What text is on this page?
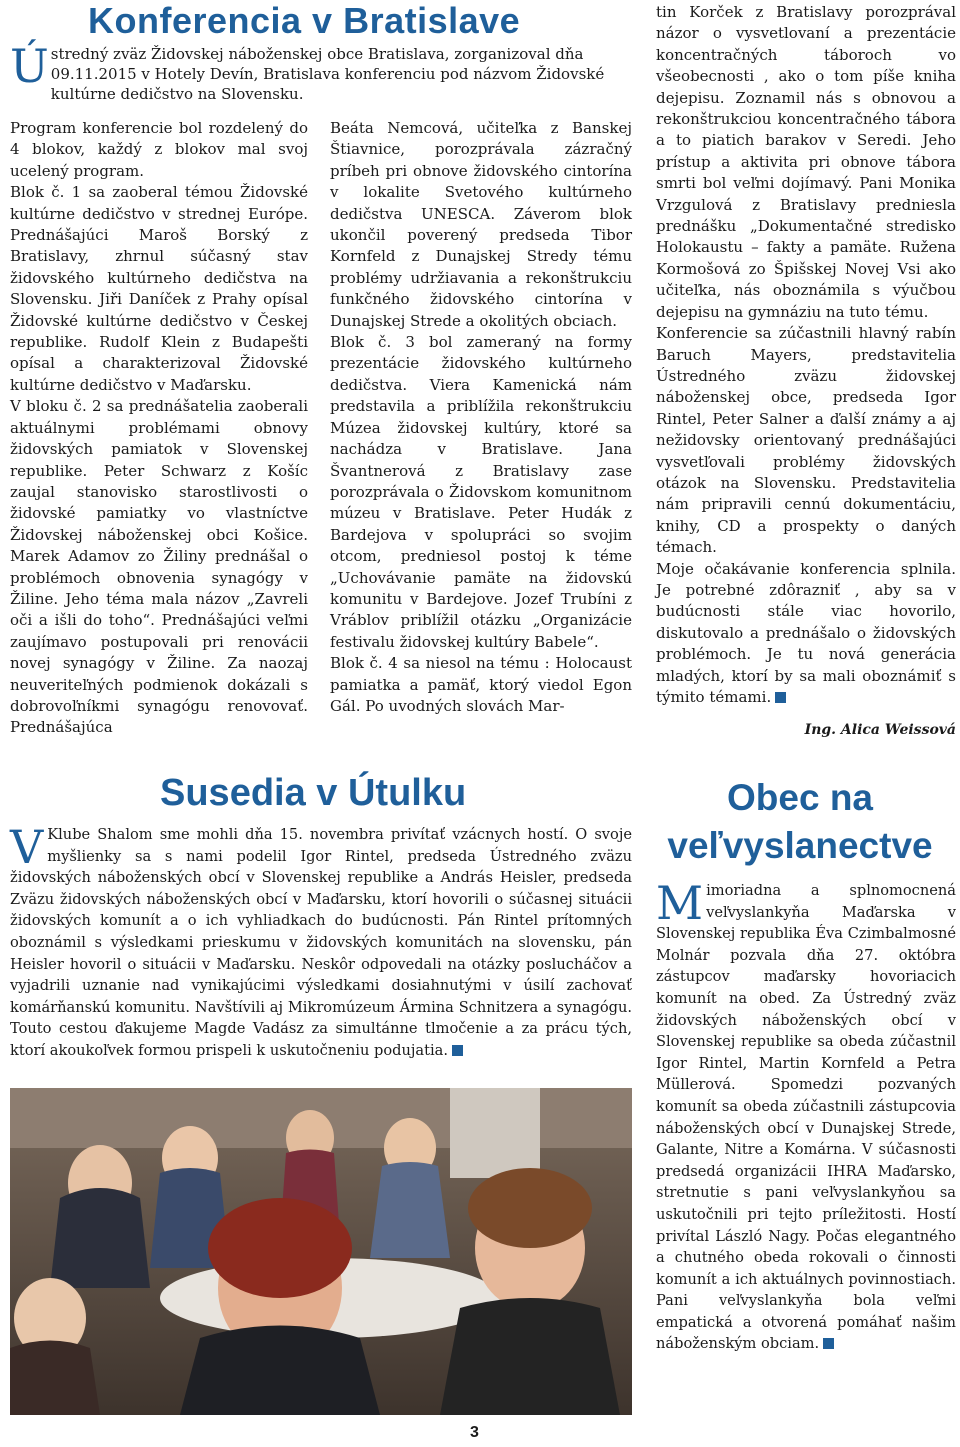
Konferencia v Bratislave
Ú stredný zväz Židovskej náboženskej obce Bratislava, zorganizoval dňa 09.11.2015 v Hotely Devín, Bratislava konferenciu pod názvom Židovské kultúrne dedičstvo na Slovensku.

Program konferencie bol rozdelený do 4 blokov, každý z blokov mal svoj ucelený program.

Blok č. 1 sa zaoberal témou Židovské kultúrne dedičstvo v strednej Európe. Prednášajúci Maroš Borský z Bratislavy, zhrnul súčasný stav židovského kultúrneho dedičstva na Slovensku. Jiři Daníček z Prahy opísal Židovské kultúrne dedičstvo v Českej republike. Rudolf Klein z Budapešti opísal a charakterizoval Židovské kultúrne dedičstvo v Maďarsku.

V bloku č. 2 sa prednášatelia zaoberali aktuálnymi problémami obnovy židovských pamiatok v Slovenskej republike. Peter Schwarz z Košíc zaujal stanovisko starostlivosti o židovské pamiatky vo vlastníctve Židovskej náboženskej obci Košice. Marek Adamov zo Žiliny prednášal o problémoch obnovenia synagógy v Žiline. Jeho téma mala názov „Zavreli oči a išli do toho“. Prednášajúci veľmi zaujímavo postupovali pri renovácii novej synagógy v Žiline. Za naozaj neuveriteľných podmienok dokázali s dobrovoľníkmi synagógu renovovať. Prednášajúca

Beáta Nemcová, učiteľka z Banskej Štiavnice, porozprávala zázračný príbeh pri obnove židovského cintorína v lokalite Svetového kultúrneho dedičstva UNESCA. Záverom blok ukončil poverený predseda Tibor Kornfeld z Dunajskej Stredy tému problémy udržiavania a rekonštrukciu funkčného židovského cintorína v Dunajskej Strede a okolitých obciach.

Blok č. 3 bol zameraný na formy prezentácie židovského kultúrneho dedičstva. Viera Kamenická nám predstavila a priblížila rekonštrukciu Múzea židovskej kultúry, ktoré sa nachádza v Bratislave. Jana Švantnerová z Bratislavy zase porozprávala o Židovskom komunitnom múzeu v Bratislave. Peter Hudák z Bardejova v spolupráci so svojim otcom, predniesol postoj k téme „Uchovávanie pamäte na židovskú komunitu v Bardejove. Jozef Trubíni z Vráblov priblížil otázku „Organizácie festivalu židovskej kultúry Babele“.

Blok č. 4 sa niesol na tému : Holocaust pamiatka a pamäť, ktorý viedol Egon Gál. Po uvodných slovách Mar-

tin Korček z Bratislavy porozprával názor o vysvetlovaní a prezentácie koncentračných táboroch vo všeobecnosti , ako o tom píše kniha dejepisu. Zoznamil nás s obnovou a rekonštrukciou koncentračného tábora a to piatich barakov v Seredi. Jeho prístup a aktivita pri obnove tábora smrti bol veľmi dojímavý. Pani Monika Vrzgulová z Bratislavy predniesla prednášku „Dokumentačné stredisko Holokaustu – fakty a pamäte. Ružena Kormošová zo Špišskej Novej Vsi ako učiteľka, nás oboznámila s výučbou dejepisu na gymnáziu na tuto tému.

Konferencie sa zúčastnili hlavný rabín Baruch Mayers, predstavitelia Ústredného zväzu židovskej náboženskej obce, predseda Igor Rintel, Peter Salner a ďalší známy a aj nežidovsky orientovaný prednášajúci vysvetľovali problémy židovských otázok na Slovensku. Predstavitelia nám pripravili cennú dokumentáciu, knihy, CD a prospekty o daných témach.

Moje očakávanie konferencia splnila. Je potrebné zdôrazniť , aby sa v budúcnosti stále viac hovorilo, diskutovalo a prednášalo o židovských problémoch. Je tu nová generácia mladých, ktorí by sa mali oboznámiť s týmito témami.

Ing. Alica Weissová
Susedia v Útulku
V Klube Shalom sme mohli dňa 15. novembra privítať vzácnych hostí. O svoje myšlienky sa s nami podelil Igor Rintel, predseda Ústredného zväzu židovských náboženských obcí v Slovenskej republike a András Heisler, predseda Zväzu židovských náboženských obcí v Maďarsku, ktorí hovorili o súčasnej situácii židovských komunít a o ich vyhliadkach do budúcnosti. Pán Rintel prítomných oboznámil s výsledkami prieskumu v židovských komunitách na slovensku, pán Heisler hovoril o situácii v Maďarsku. Neskôr odpovedali na otázky poslucháčov a vyjadrili uznanie nad vynikajúcimi výsledkami dosiahnutými v úsilí zachovať komárňanskú komunitu. Navštívili aj Mikromúzeum Ármina Schnitzera a synagógu. Touto cestou ďakujeme Magde Vadász za simultánne tlmočenie a za prácu tých, ktorí akoukoľvek formou prispeli k uskutočneniu podujatia.
Obec na
veľvyslanectve
M imoriadna a splnomocnená veľvyslankyňa Maďarska v Slovenskej republika Éva Czimbalmosné Molnár pozvala dňa 27. októbra zástupcov maďarsky hovoriacich komunít na obed. Za Ústredný zväz židovských náboženských obcí v Slovenskej republike sa obeda zúčastnil Igor Rintel, Martin Kornfeld a Petra Müllerová. Spomedzi pozvaných komunít sa obeda zúčastnili zástupcovia náboženských obcí v Dunajskej Strede, Galante, Nitre a Komárna. V súčasnosti predsedá organizácii IHRA Maďarsko, stretnutie s pani veľvyslankyňou sa uskutočnili pri tejto príležitosti. Hostí privítal László Nagy. Počas elegantného a chutného obeda rokovali o činnosti komunít a ich aktuálnych povinnostiach. Pani veľvyslankyňa bola veľmi empatická a otvorená pomáhať našim náboženským obciam.
3
